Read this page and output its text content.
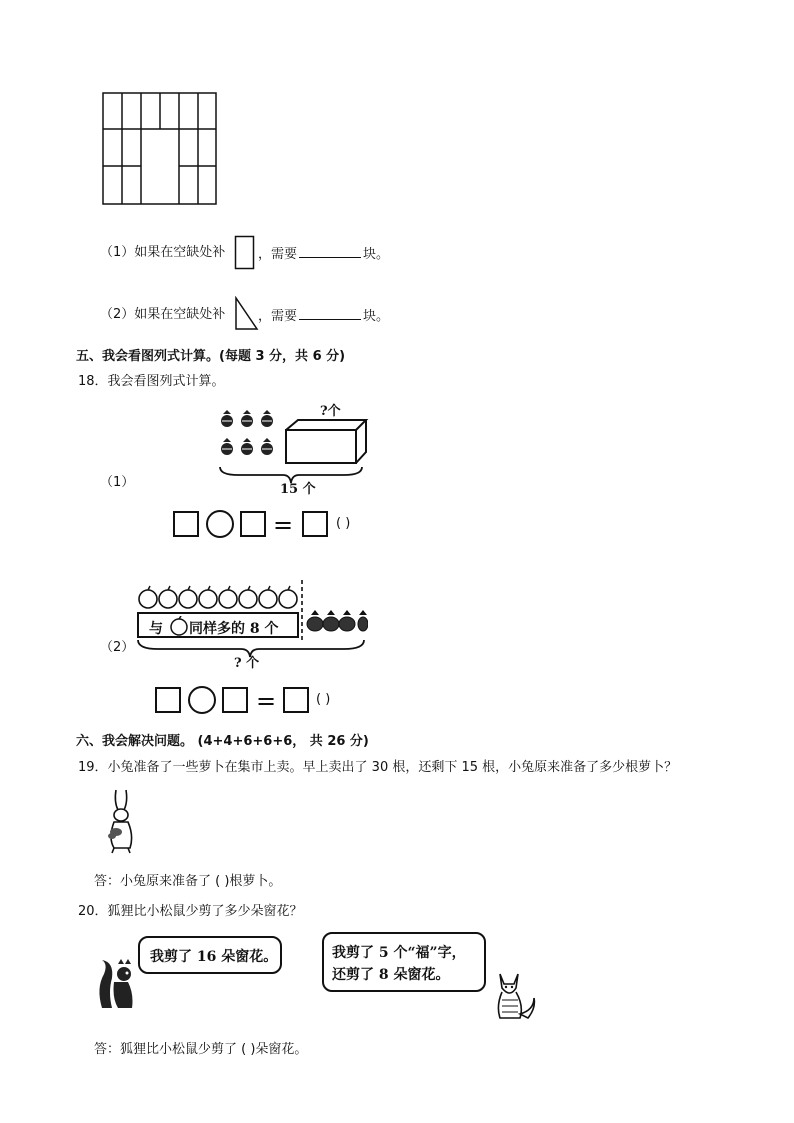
（1）如果在空缺处补	，需要	块。
（2）如果在空缺处补	，需要	块。
五、我会看图列式计算。(每题 3 分，共 6 分)
18．我会看图列式计算。
?个
15 个
（1）
=	( )
与 同样多的 8 个
? 个
（2）
=	( )
六、我会解决问题。 (4+4+6+6+6， 共 26 分)
19．小兔准备了一些萝卜在集市上卖。早上卖出了 30 根，还剩下 15 根，小兔原来准备了多少根萝卜？
答：小兔原来准备了 ( )根萝卜。
20．狐狸比小松鼠少剪了多少朵窗花？
我剪了 16 朵窗花。	我剪了 5 个“福”字，
还剪了 8 朵窗花。
答：狐狸比小松鼠少剪了 ( )朵窗花。
